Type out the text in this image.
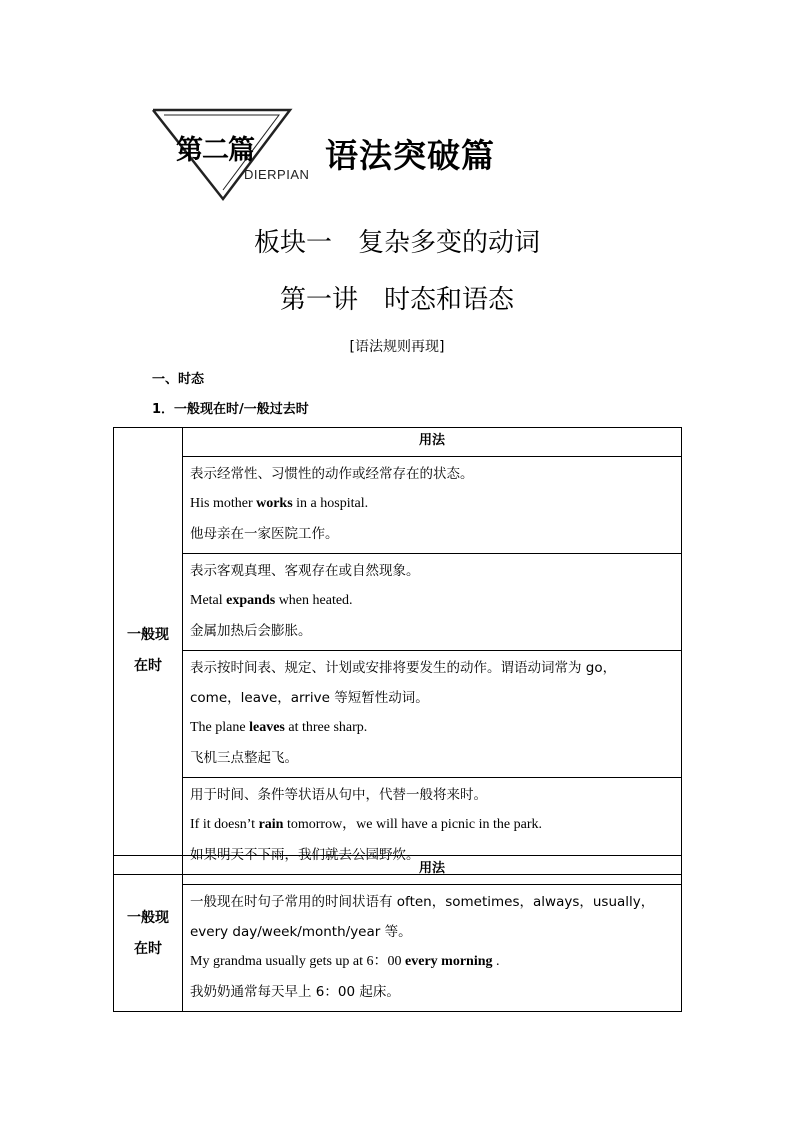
第二篇
DIERPIAN 语法突破篇
板块一　复杂多变的动词
第一讲　时态和语态
[语法规则再现]
一、时态
1．一般现在时/一般过去时
一般现
在时
	用法

表示经常性、习惯性的动作或经常存在的状态。
His mother works in a hospital.
他母亲在一家医院工作。

表示客观真理、客观存在或自然现象。
Metal expands when heated.
金属加热后会膨胀。

表示按时间表、规定、计划或安排将要发生的动作。谓语动词常为 go，
come，leave，arrive 等短暂性动词。
The plane leaves at three sharp.
飞机三点整起飞。

用于时间、条件等状语从句中，代替一般将来时。
If it doesn’t rain tomorrow，we will have a picnic in the park.
如果明天不下雨，我们就去公园野炊。
一般现
在时
	用法

一般现在时句子常用的时间状语有 often，sometimes，always，usually，
every day/week/month/year 等。
My grandma usually gets up at 6：00 every morning .
我奶奶通常每天早上 6：00 起床。
